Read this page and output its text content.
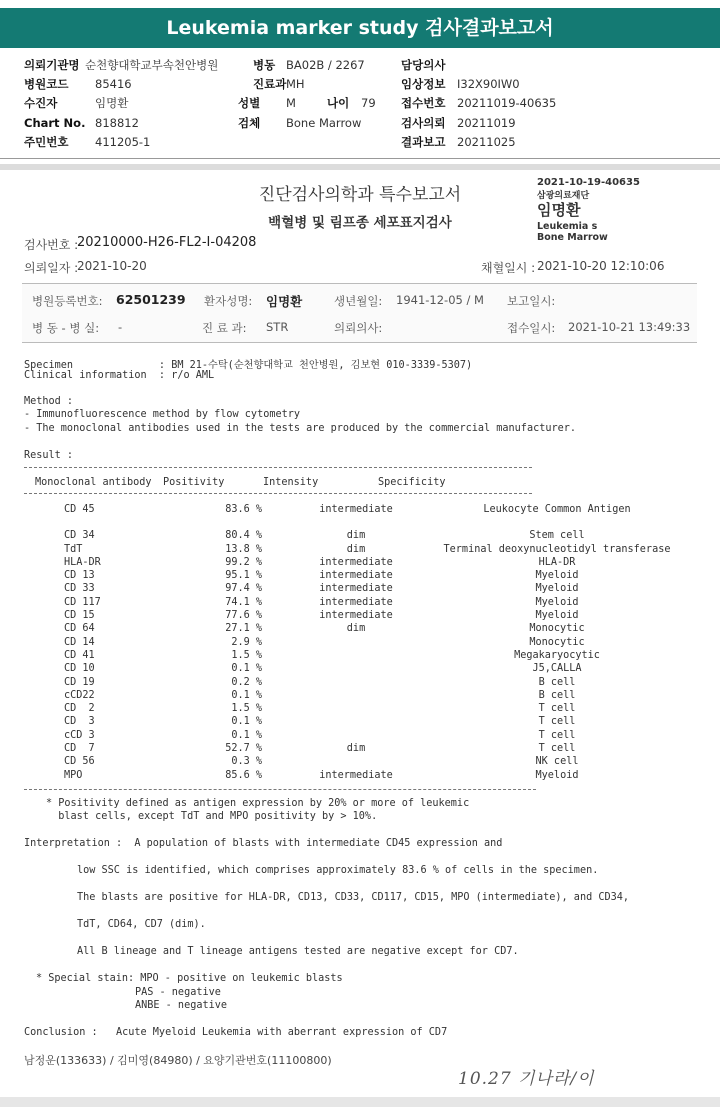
Leukemia marker study 검사결과보고서
의뢰기관명 순천향대학교부속천안병원	병동 BA02B / 2267	담당의사
병원코드 85416	진료과 MH	임상정보 I32X90IW0
수진자	임명환	성별 M	나이 79 접수번호 20211019-40635
Chart No. 818812	검체 Bone Marrow	검사의뢰 20211019
주민번호 411205-1	결과보고 20211025
진단검사의학과 특수보고서
백혈병 및 림프종 세포표지검사
2021-10-19-40635
삼광의료재단
임명환
Leukemia s
Bone Marrow
검사번호 :
20210000-H26-FL2-I-04208
의뢰일자 :
2021-10-20	채혈일시 : 2021-10-20 12:10:06
병원등록번호: 62501239 환자성명: 임명환	생년월일: 1941-12-05 / M 보고일시:
병 동 - 병 실: -	진 료 과: STR	의뢰의사:	접수일시: 2021-10-21 13:49:33
Specimen              : BM 21-수탁(순천향대학교 천안병원, 김보현 010-3339-5307)
Clinical information  : r/o AML
Method :
- Immunofluorescence method by flow cytometry
- The monoclonal antibodies used in the tests are produced by the commercial manufacturer.
Result :
Monoclonal antibody Positivity	Intensity	Specificity
CD 45	83.6 %	intermediate	Leukocyte Common Antigen

CD 34	80.4 %	dim	Stem cell
TdT	13.8 %	dim	Terminal deoxynucleotidyl transferase
HLA-DR	99.2 %	intermediate	HLA-DR
CD 13	95.1 %	intermediate	Myeloid
CD 33	97.4 %	intermediate	Myeloid
CD 117	74.1 %	intermediate	Myeloid
CD 15	77.6 %	intermediate	Myeloid
CD 64	27.1 %	dim	Monocytic
CD 14	2.9 %		Monocytic
CD 41	1.5 %		Megakaryocytic
CD 10	0.1 %		J5,CALLA
CD 19	0.2 %		B cell
cCD22	0.1 %		B cell
CD  2	1.5 %		T cell
CD  3	0.1 %		T cell
cCD 3	0.1 %		T cell
CD  7	52.7 %	dim	T cell
CD 56	0.3 %		NK cell
MPO	85.6 %	intermediate	Myeloid
* Positivity defined as antigen expression by 20% or more of leukemic
blast cells, except TdT and MPO positivity by > 10%.
Interpretation :  A population of blasts with intermediate CD45 expression and
low SSC is identified, which comprises approximately 83.6 % of cells in the specimen.
The blasts are positive for HLA-DR, CD13, CD33, CD117, CD15, MPO (intermediate), and CD34,
TdT, CD64, CD7 (dim).
All B lineage and T lineage antigens tested are negative except for CD7.
* Special stain: MPO - positive on leukemic blasts
PAS - negative
ANBE - negative
Conclusion :   Acute Myeloid Leukemia with aberrant expression of CD7
남정운(133633) / 김미영(84980) / 요양기관번호(11100800)
10.27 기나라/이
